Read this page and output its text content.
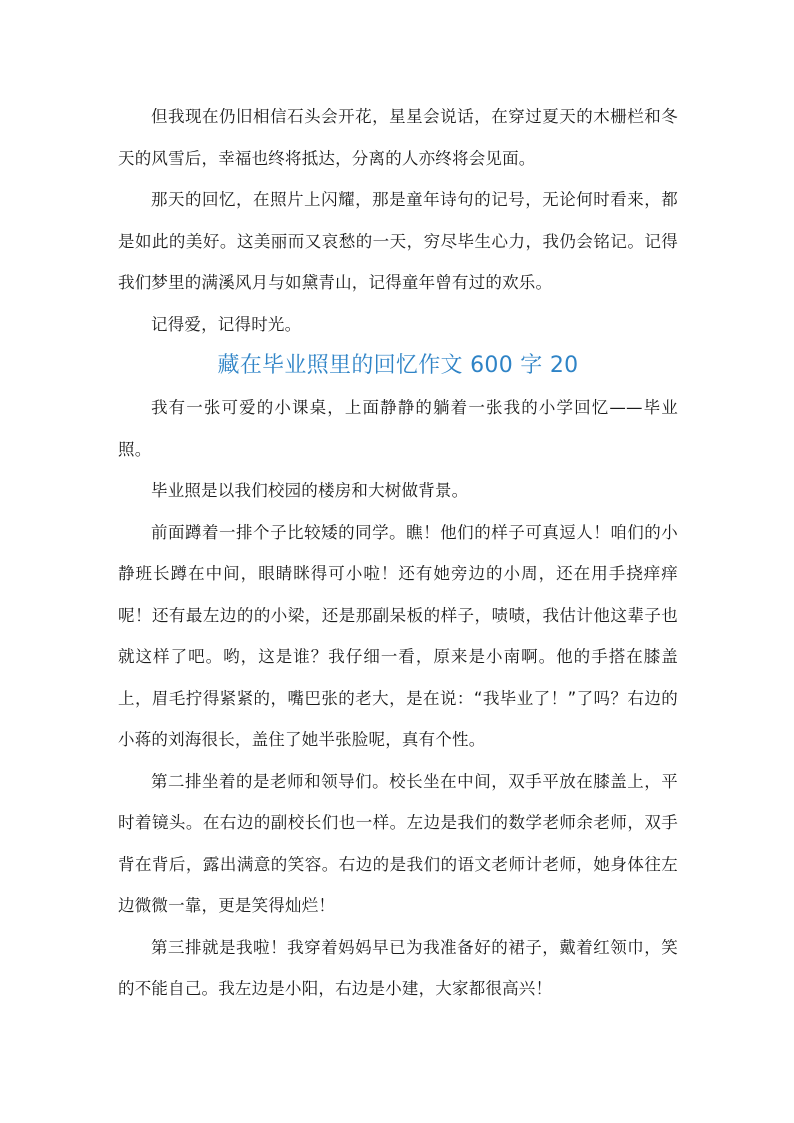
但我现在仍旧相信石头会开花，星星会说话，在穿过夏天的木栅栏和冬天的风雪后，幸福也终将抵达，分离的人亦终将会见面。

那天的回忆，在照片上闪耀，那是童年诗句的记号，无论何时看来，都是如此的美好。这美丽而又哀愁的一天，穷尽毕生心力，我仍会铭记。记得我们梦里的满溪风月与如黛青山，记得童年曾有过的欢乐。

记得爱，记得时光。

藏在毕业照里的回忆作文 600 字 20

我有一张可爱的小课桌，上面静静的躺着一张我的小学回忆——毕业照。

毕业照是以我们校园的楼房和大树做背景。

前面蹲着一排个子比较矮的同学。瞧！他们的样子可真逗人！咱们的小静班长蹲在中间，眼睛眯得可小啦！还有她旁边的小周，还在用手挠痒痒呢！还有最左边的的小梁，还是那副呆板的样子，啧啧，我估计他这辈子也就这样了吧。哟，这是谁？我仔细一看，原来是小南啊。他的手搭在膝盖上，眉毛拧得紧紧的，嘴巴张的老大，是在说：“我毕业了！”了吗？右边的小蒋的刘海很长，盖住了她半张脸呢，真有个性。

第二排坐着的是老师和领导们。校长坐在中间，双手平放在膝盖上，平时着镜头。在右边的副校长们也一样。左边是我们的数学老师余老师，双手背在背后，露出满意的笑容。右边的是我们的语文老师计老师，她身体往左边微微一靠，更是笑得灿烂！

第三排就是我啦！我穿着妈妈早已为我准备好的裙子，戴着红领巾，笑的不能自己。我左边是小阳，右边是小建，大家都很高兴！
